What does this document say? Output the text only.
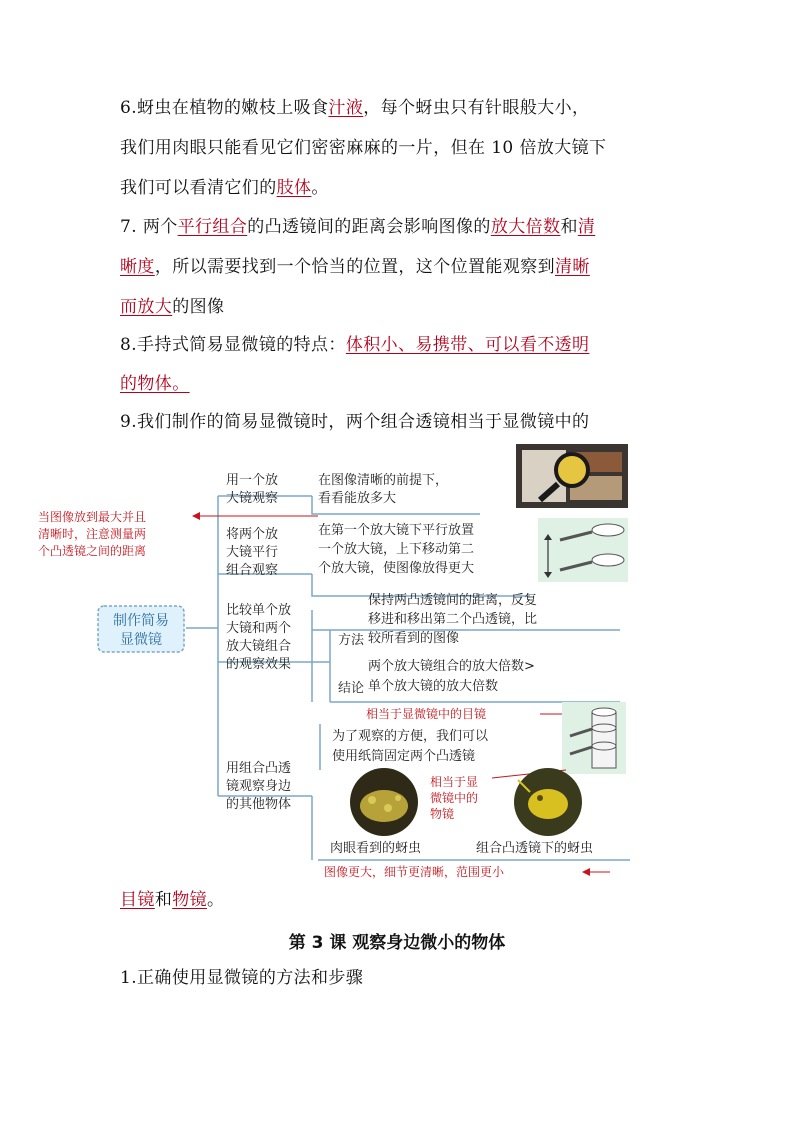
6.蚜虫在植物的嫩枝上吸食汁液，每个蚜虫只有针眼般大小，
我们用肉眼只能看见它们密密麻麻的一片，但在 10 倍放大镜下
我们可以看清它们的肢体。
7. 两个平行组合的凸透镜间的距离会影响图像的放大倍数和清
晰度，所以需要找到一个恰当的位置，这个位置能观察到清晰
而放大的图像
8.手持式简易显微镜的特点：体积小、易携带、可以看不透明
的物体。
9.我们制作的简易显微镜时，两个组合透镜相当于显微镜中的
制作简易
显微镜
当图像放到最大并且
清晰时，注意测量两
个凸透镜之间的距离
用一个放
大镜观察
在图像清晰的前提下，
看看能放多大
将两个放
大镜平行
组合观察
在第一个放大镜下平行放置
一个放大镜，上下移动第二
个放大镜，使图像放得更大
比较单个放
大镜和两个
放大镜组合
的观察效果
方法
保持两凸透镜间的距离，反复
移进和移出第二个凸透镜，比
较所看到的图像
结论
两个放大镜组合的放大倍数>
单个放大镜的放大倍数
用组合凸透
镜观察身边
的其他物体
相当于显微镜中的目镜
为了观察的方便，我们可以
使用纸筒固定两个凸透镜
相当于显
微镜中的
物镜
肉眼看到的蚜虫	组合凸透镜下的蚜虫
图像更大，细节更清晰，范围更小
目镜和物镜。
第 3 课 观察身边微小的物体
1.正确使用显微镜的方法和步骤
